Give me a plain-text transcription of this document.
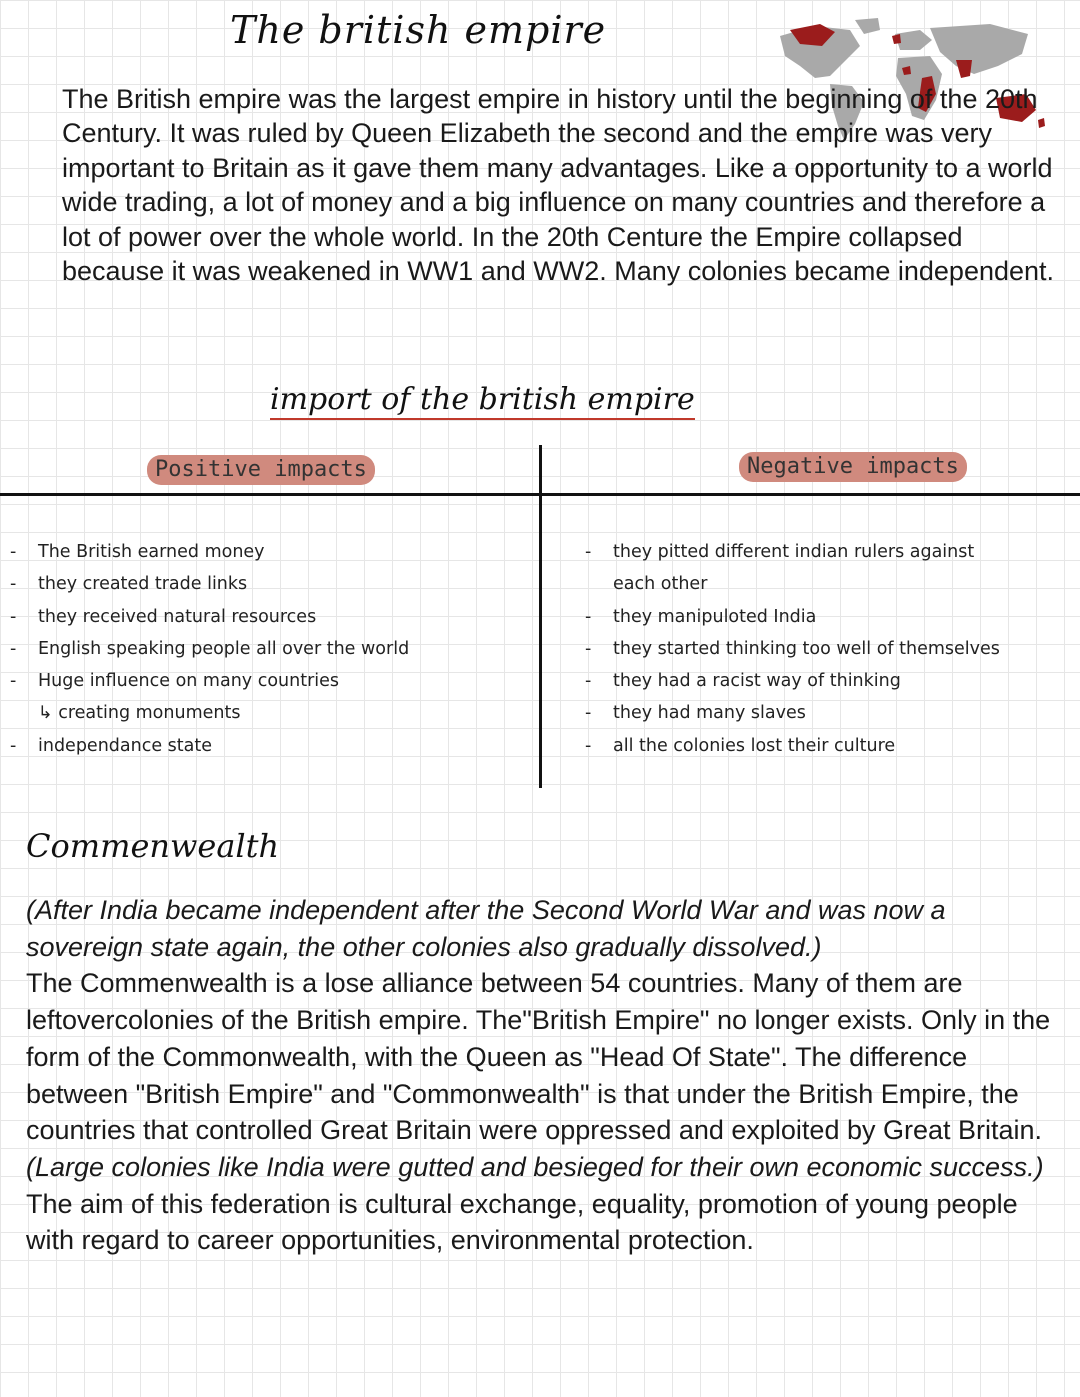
The british empire

The British empire was the largest empire in history until the beginning of the 20th Century. It was ruled by Queen Elizabeth the second and the empire was very important to Britain as it gave them many advantages. Like a opportunity to a world wide trading, a lot of money and a big influence on many countries and therefore a lot of power over the whole world. In the 20th Centure the Empire collapsed because it was weakened in WW1 and WW2. Many colonies became independent.

import of the british empire
Positive impacts	Negative impacts
- The British earned money
- they created trade links
- they received natural resources
- English speaking people all over the world
- Huge influence on many countries
↳ creating monuments
- independance state
- they pitted different indian rulers against
each other
- they manipuloted India
- they started thinking too well of themselves
- they had a racist way of thinking
- they had many slaves
- all the colonies lost their culture
Commenwealth

(After India became independent after the Second World War and was now a sovereign state again, the other colonies also gradually dissolved.)
The Commenwealth is a lose alliance between 54 countries. Many of them are leftovercolonies of the British empire. The"British Empire" no longer exists. Only in the form of the Commonwealth, with the Queen as "Head Of State". The difference between "British Empire" and "Commonwealth" is that under the British Empire, the countries that controlled Great Britain were oppressed and exploited by Great Britain. (Large colonies like India were gutted and besieged for their own economic success.) The aim of this federation is cultural exchange, equality, promotion of young people with regard to career opportunities, environmental protection.
